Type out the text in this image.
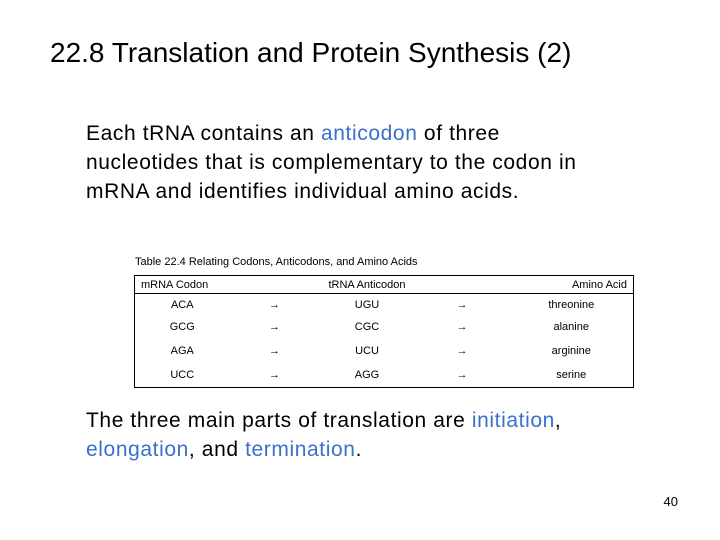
22.8 Translation and Protein Synthesis (2)
Each tRNA contains an anticodon of three
nucleotides that is complementary to the codon in
mRNA and identifies individual amino acids.
Table 22.4 Relating Codons, Anticodons, and Amino Acids
mRNA Codon		tRNA Anticodon		Amino Acid
ACA	→	UGU	→	threonine
GCG	→	CGC	→	alanine
AGA	→	UCU	→	arginine
UCC	→	AGG	→	serine
The three main parts of translation are initiation,
elongation, and termination.
40
